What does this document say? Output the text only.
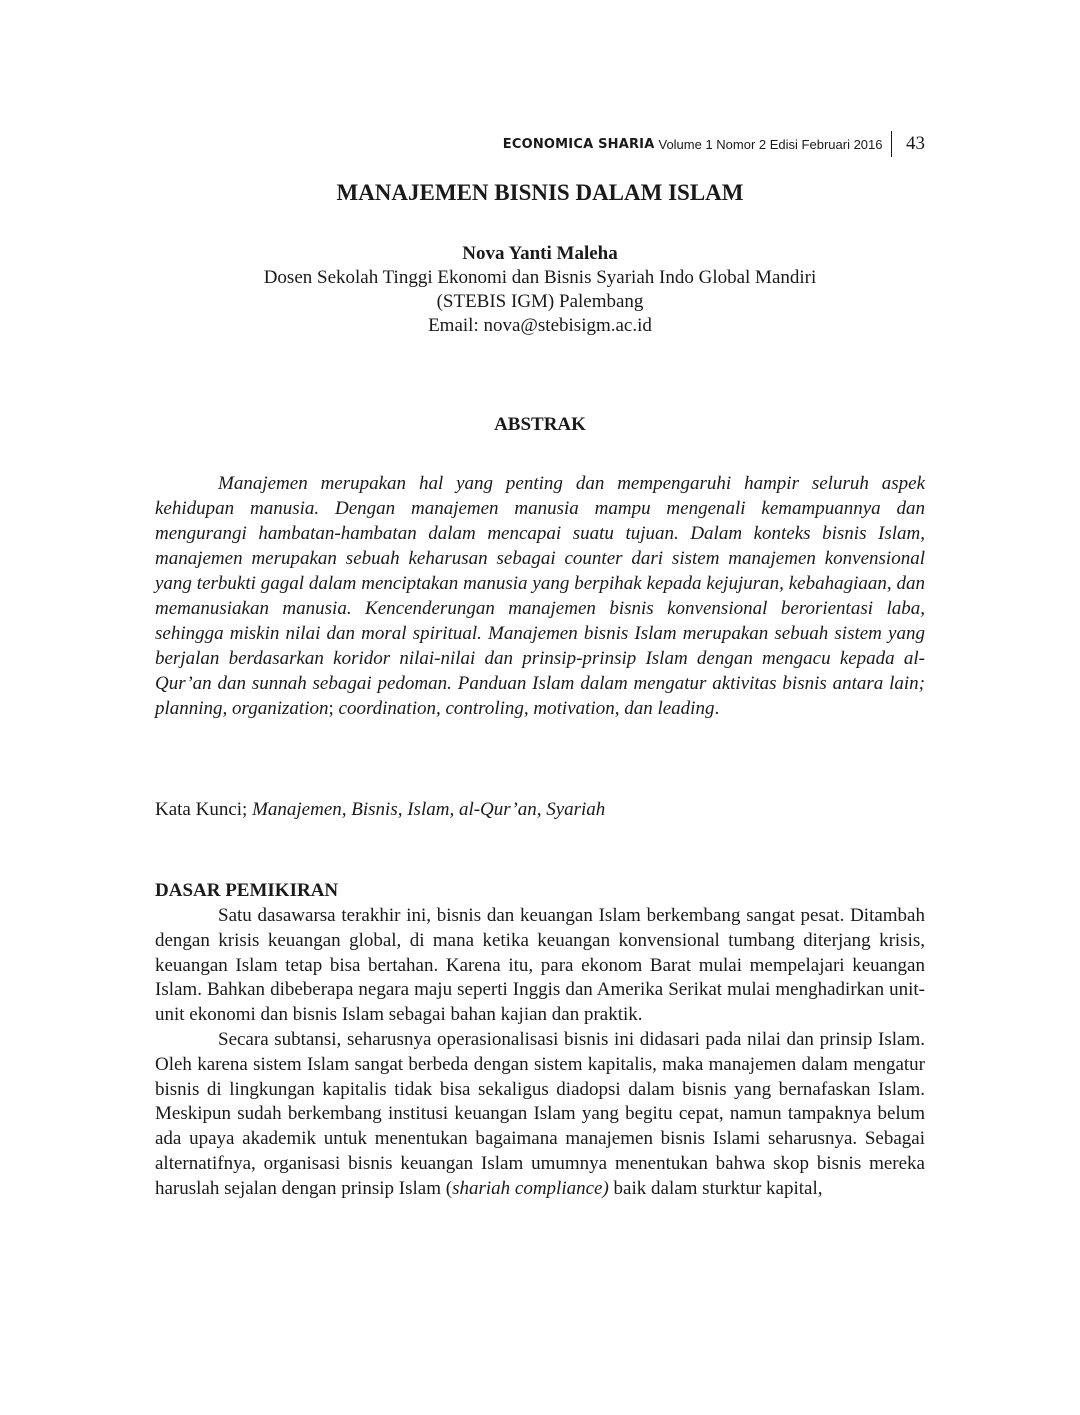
ECONOMICA SHARIA Volume 1 Nomor 2 Edisi Februari 2016 43
MANAJEMEN BISNIS DALAM ISLAM
Nova Yanti Maleha
Dosen Sekolah Tinggi Ekonomi dan Bisnis Syariah Indo Global Mandiri
(STEBIS IGM) Palembang
Email: nova@stebisigm.ac.id
ABSTRAK

Manajemen merupakan hal yang penting dan mempengaruhi hampir seluruh aspek kehidupan manusia. Dengan manajemen manusia mampu mengenali kemampuannya dan mengurangi hambatan-hambatan dalam mencapai suatu tujuan. Dalam konteks bisnis Islam, manajemen merupakan sebuah keharusan sebagai counter dari sistem manajemen konvensional yang terbukti gagal dalam menciptakan manusia yang berpihak kepada kejujuran, kebahagiaan, dan memanusiakan manusia. Kencenderungan manajemen bisnis konvensional berorientasi laba, sehingga miskin nilai dan moral spiritual. Manajemen bisnis Islam merupakan sebuah sistem yang berjalan berdasarkan koridor nilai-nilai dan prinsip-prinsip Islam dengan mengacu kepada al-Qur’an dan sunnah sebagai pedoman. Panduan Islam dalam mengatur aktivitas bisnis antara lain; planning, organization; coordination, controling, motivation, dan leading.

Kata Kunci; Manajemen, Bisnis, Islam, al-Qur’an, Syariah

DASAR PEMIKIRAN

Satu dasawarsa terakhir ini, bisnis dan keuangan Islam berkembang sangat pesat. Ditambah dengan krisis keuangan global, di mana ketika keuangan konvensional tumbang diterjang krisis, keuangan Islam tetap bisa bertahan. Karena itu, para ekonom Barat mulai mempelajari keuangan Islam. Bahkan dibeberapa negara maju seperti Inggis dan Amerika Serikat mulai menghadirkan unit-unit ekonomi dan bisnis Islam sebagai bahan kajian dan praktik.

Secara subtansi, seharusnya operasionalisasi bisnis ini didasari pada nilai dan prinsip Islam. Oleh karena sistem Islam sangat berbeda dengan sistem kapitalis, maka manajemen dalam mengatur bisnis di lingkungan kapitalis tidak bisa sekaligus diadopsi dalam bisnis yang bernafaskan Islam. Meskipun sudah berkembang institusi keuangan Islam yang begitu cepat, namun tampaknya belum ada upaya akademik untuk menentukan bagaimana manajemen bisnis Islami seharusnya. Sebagai alternatifnya, organisasi bisnis keuangan Islam umumnya menentukan bahwa skop bisnis mereka haruslah sejalan dengan prinsip Islam (shariah compliance) baik dalam sturktur kapital,
